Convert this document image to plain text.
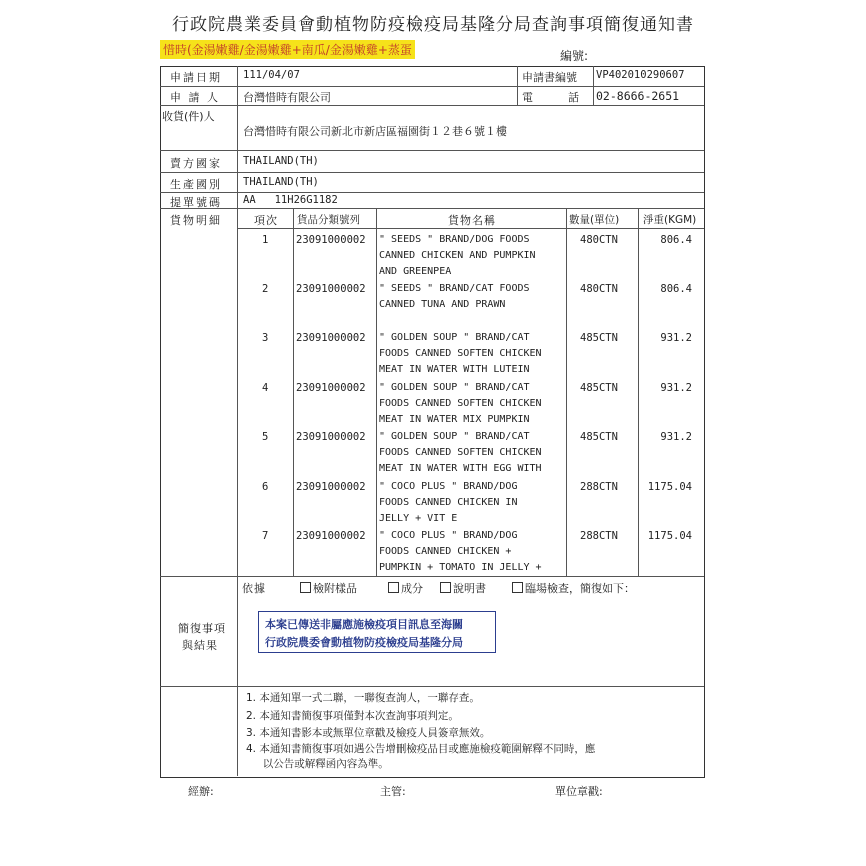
行政院農業委員會動植物防疫檢疫局基隆分局查詢事項簡復通知書
惜時(金湯嫩雞/金湯嫩雞+南瓜/金湯嫩雞+蒸蛋	編號:
申請日期 111/04/07	申請書編號 VP402010290607
申 請 人 台灣惜時有限公司	電          話 02-8666-2651
收貨(件)人
台灣惜時有限公司新北市新店區福園街１２巷６號１樓
賣方國家 THAILAND(TH)
生產國別 THAILAND(TH)
提單號碼 AA   11H26G1182
貨物明細	項次 貨品分類號列	貨物名稱	數量(單位) 淨重(KGM)
1	23091000002 " SEEDS " BRAND/DOG FOODS
CANNED CHICKEN AND PUMPKIN
AND GREENPEA
480CTN	806.4
2	23091000002 " SEEDS " BRAND/CAT FOODS
CANNED TUNA AND PRAWN
480CTN	806.4
3	23091000002 " GOLDEN SOUP " BRAND/CAT
FOODS CANNED SOFTEN CHICKEN
MEAT IN WATER WITH LUTEIN
485CTN	931.2
4	23091000002 " GOLDEN SOUP " BRAND/CAT
FOODS CANNED SOFTEN CHICKEN
MEAT IN WATER MIX PUMPKIN
485CTN	931.2
5	23091000002 " GOLDEN SOUP " BRAND/CAT
FOODS CANNED SOFTEN CHICKEN
MEAT IN WATER WITH EGG WITH
485CTN	931.2
6	23091000002 " COCO PLUS " BRAND/DOG
FOODS CANNED CHICKEN IN
JELLY + VIT E
288CTN	1175.04
7	23091000002 " COCO PLUS " BRAND/DOG
FOODS CANNED CHICKEN +
PUMPKIN + TOMATO IN JELLY +
288CTN	1175.04
簡復事項
與結果
依據	檢附樣品	成分	說明書	臨場檢查，簡復如下：
本案已傳送非屬應施檢疫項目訊息至海關
行政院農委會動植物防疫檢疫局基隆分局
1. 本通知單一式二聯，一聯復查詢人，一聯存查。
2. 本通知書簡復事項僅對本次查詢事項判定。
3. 本通知書影本或無單位章戳及檢疫人員簽章無效。
4. 本通知書簡復事項如遇公告增刪檢疫品目或應施檢疫範圍解釋不同時，應
以公告或解釋函內容為準。
經辦:	主管:	單位章戳:
